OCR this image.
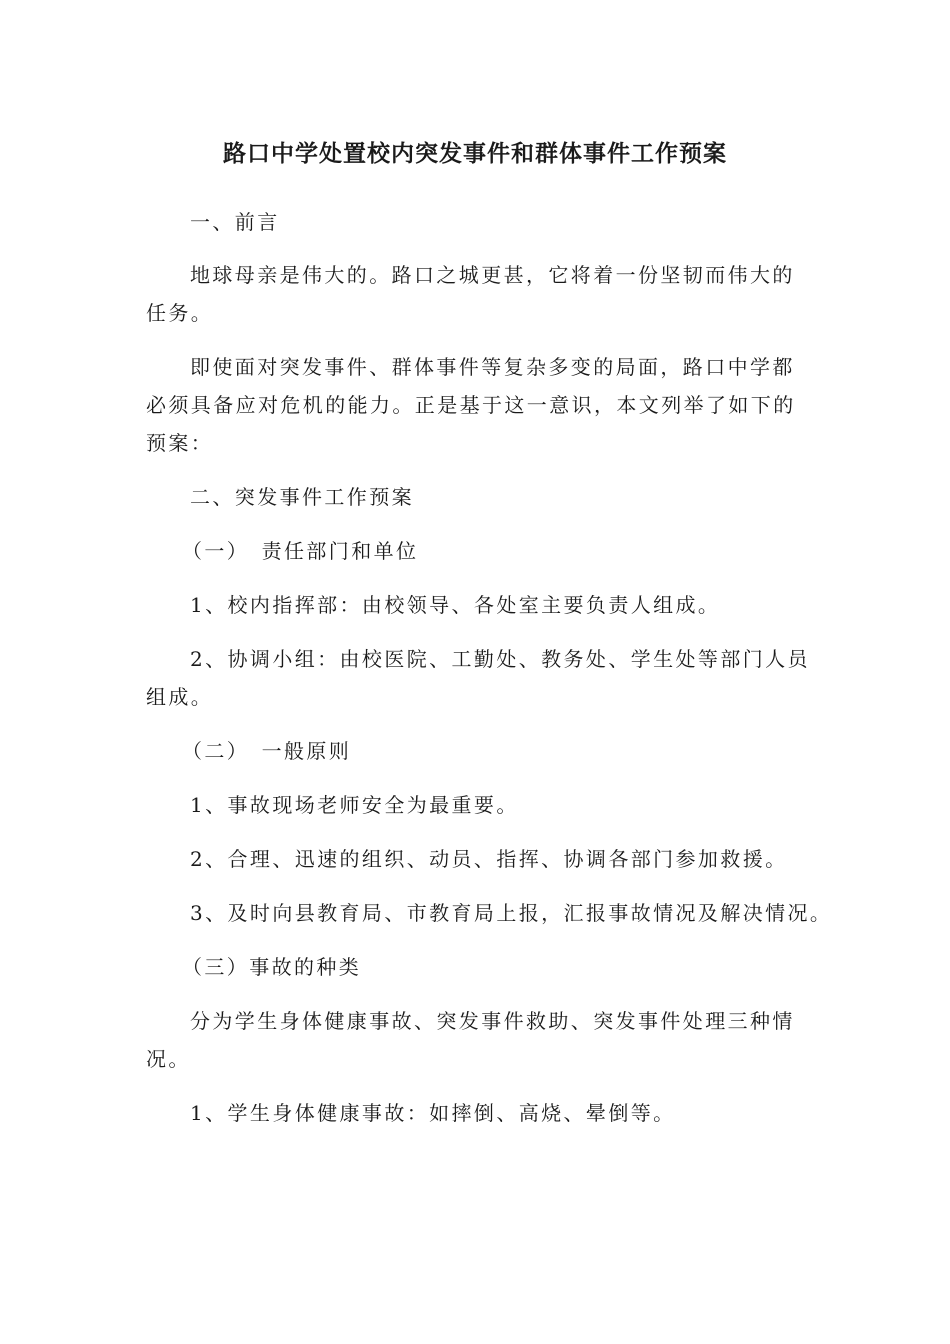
路口中学处置校内突发事件和群体事件工作预案
一、前言
地球母亲是伟大的。路口之城更甚，它将着一份坚韧而伟大的
任务。
即使面对突发事件、群体事件等复杂多变的局面，路口中学都
必须具备应对危机的能力。正是基于这一意识，本文列举了如下的
预案：
二、突发事件工作预案
（一）　责任部门和单位
1、校内指挥部：由校领导、各处室主要负责人组成。
2、协调小组：由校医院、工勤处、教务处、学生处等部门人员
组成。
（二）　一般原则
1、事故现场老师安全为最重要。
2、合理、迅速的组织、动员、指挥、协调各部门参加救援。
3、及时向县教育局、市教育局上报，汇报事故情况及解决情况。
（三）事故的种类
分为学生身体健康事故、突发事件救助、突发事件处理三种情
况。
1、学生身体健康事故：如摔倒、高烧、晕倒等。
